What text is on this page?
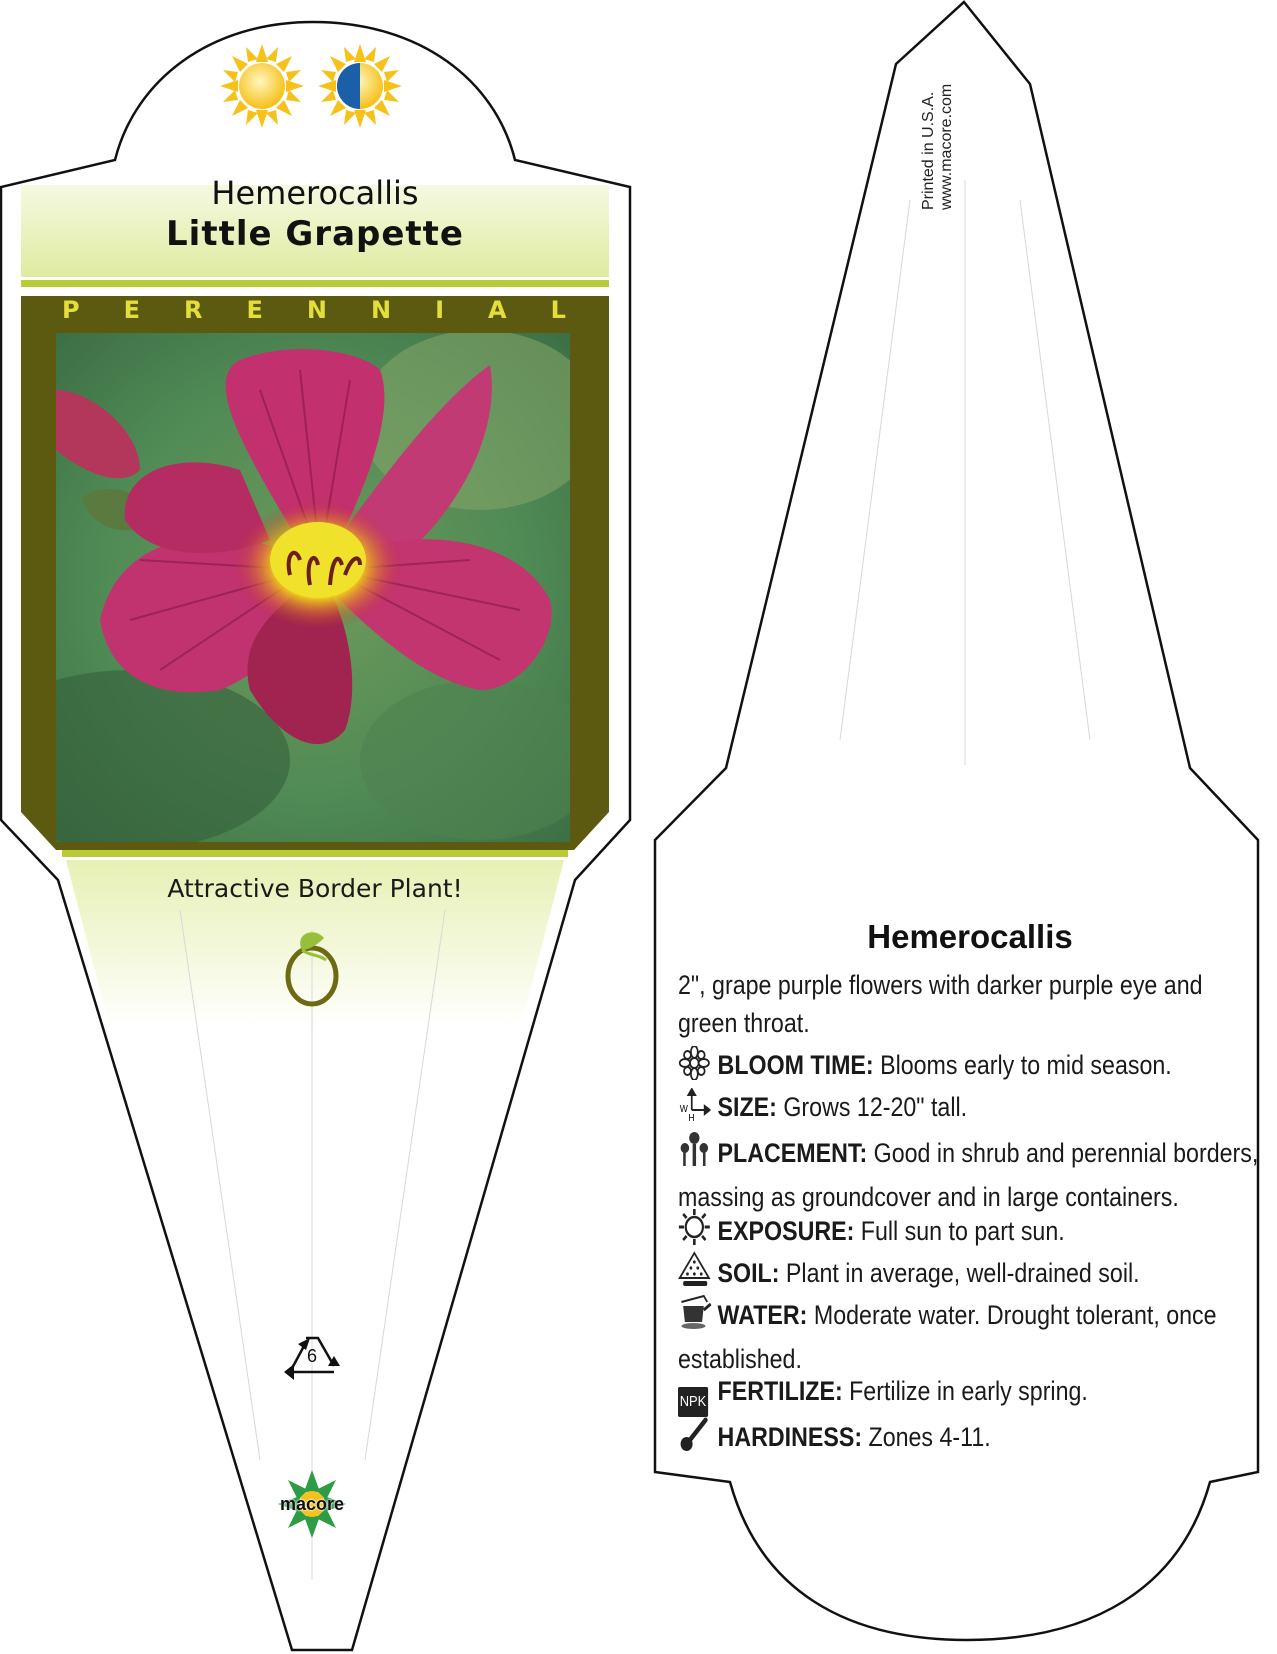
Hemerocallis
Little Grapette
P E R E N N I A L
Attractive Border Plant!
6
macore
Printed in U.S.A. www.macore.com
Hemerocallis
2", grape purple flowers with darker purple eye and green throat.
BLOOM TIME: Blooms early to mid season.
W
H SIZE: Grows 12-20" tall.
PLACEMENT: Good in shrub and perennial borders, massing as groundcover and in large containers.
EXPOSURE: Full sun to part sun.
SOIL: Plant in average, well-drained soil.
WATER: Moderate water. Drought tolerant, once established.
NPK FERTILIZE: Fertilize in early spring.
HARDINESS: Zones 4-11.
